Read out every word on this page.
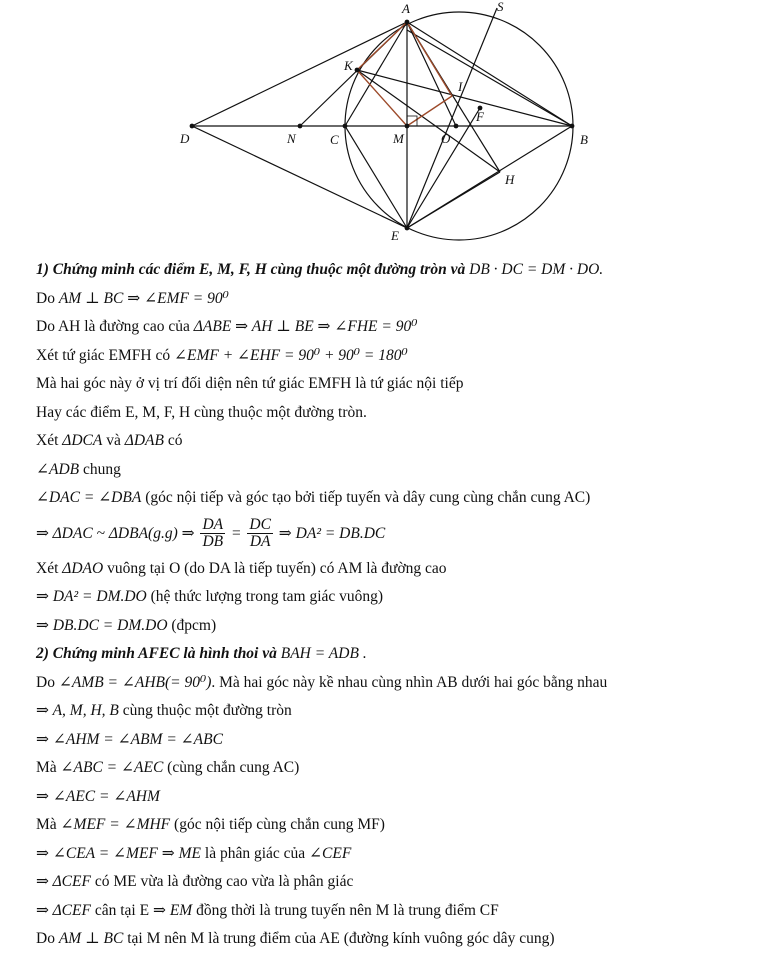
A	S
K
I
F
D	N	C	M	O	B
H
E
1) Chứng minh các điểm E, M, F, H cùng thuộc một đường tròn và DB · DC = DM · DO.
Do AM ⊥ BC ⇒ ∠EMF = 90⁰
Do AH là đường cao của ΔABE ⇒ AH ⊥ BE ⇒ ∠FHE = 90⁰
Xét tứ giác EMFH có ∠EMF + ∠EHF = 90⁰ + 90⁰ = 180⁰
Mà hai góc này ở vị trí đối diện nên tứ giác EMFH là tứ giác nội tiếp
Hay các điểm E, M, F, H cùng thuộc một đường tròn.
Xét ΔDCA và ΔDAB có
∠ADB chung
∠DAC = ∠DBA (góc nội tiếp và góc tạo bởi tiếp tuyến và dây cung cùng chắn cung AC)
⇒ ΔDAC ~ ΔDBA(g.g) ⇒ $\frac{DA}{DB} = \frac{DC}{DA}$ ⇒ DA² = DB.DC
Xét ΔDAO vuông tại O (do DA là tiếp tuyến) có AM là đường cao
⇒ DA² = DM.DO (hệ thức lượng trong tam giác vuông)
⇒ DB.DC = DM.DO (đpcm)
2) Chứng minh AFEC là hình thoi và BAH = ADB .
Do ∠AMB = ∠AHB(= 90⁰). Mà hai góc này kề nhau cùng nhìn AB dưới hai góc bằng nhau
⇒ A, M, H, B cùng thuộc một đường tròn
⇒ ∠AHM = ∠ABM = ∠ABC
Mà ∠ABC = ∠AEC (cùng chắn cung AC)
⇒ ∠AEC = ∠AHM
Mà ∠MEF = ∠MHF (góc nội tiếp cùng chắn cung MF)
⇒ ∠CEA = ∠MEF ⇒ ME là phân giác của ∠CEF
⇒ ΔCEF có ME vừa là đường cao vừa là phân giác
⇒ ΔCEF cân tại E ⇒ EM đồng thời là trung tuyến nên M là trung điểm CF
Do AM ⊥ BC tại M nên M là trung điểm của AE (đường kính vuông góc dây cung)
